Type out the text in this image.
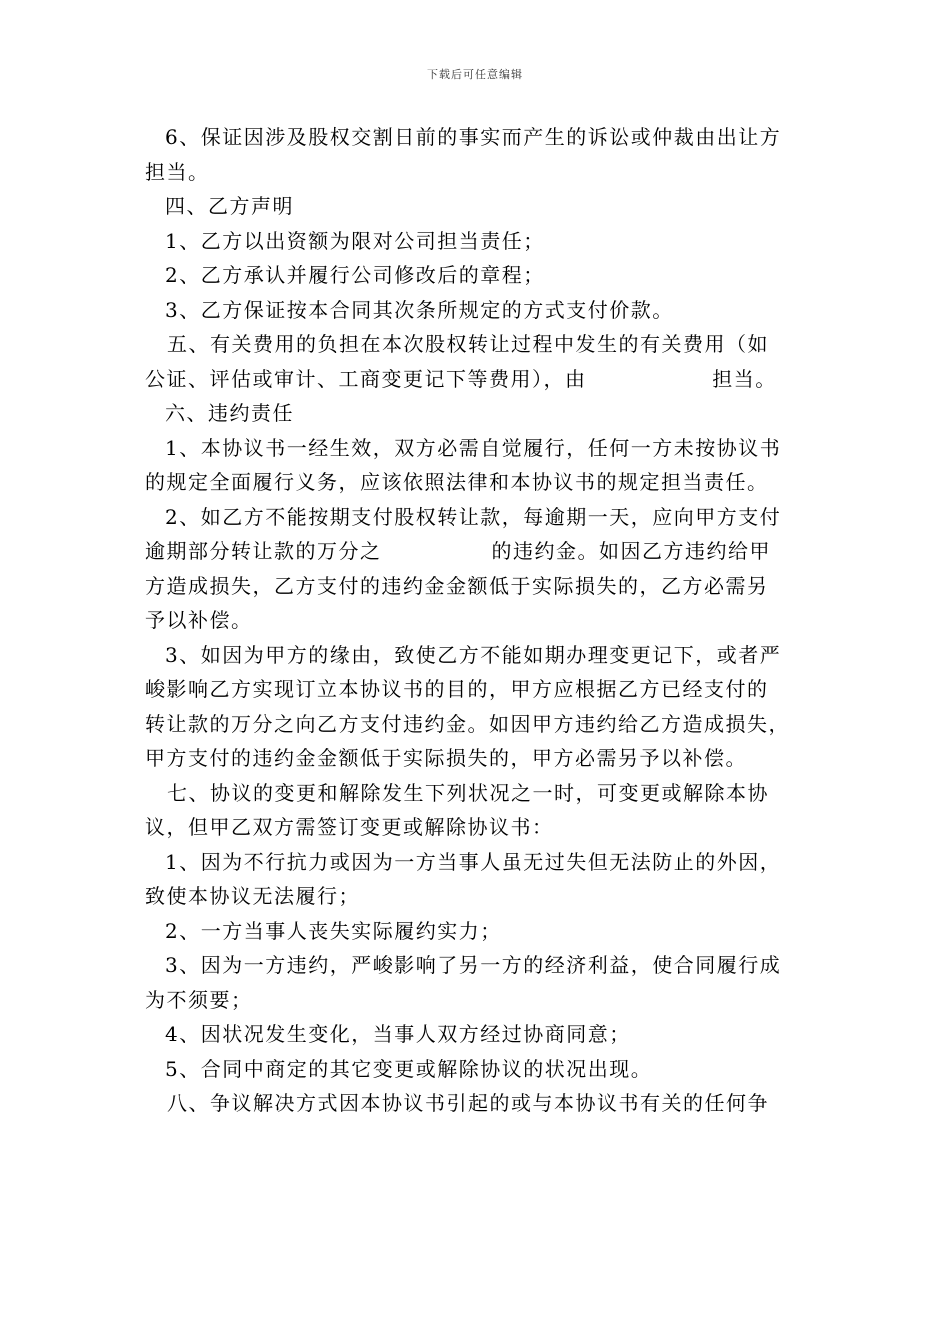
下载后可任意编辑

6、保证因涉及股权交割日前的事实而产生的诉讼或仲裁由出让方

担当。

四、乙方声明

1、乙方以出资额为限对公司担当责任；

2、乙方承认并履行公司修改后的章程；

3、乙方保证按本合同其次条所规定的方式支付价款。

五、有关费用的负担在本次股权转让过程中发生的有关费用（如

公证、评估或审计、工商变更记下等费用），由                担当。

六、违约责任

1、本协议书一经生效，双方必需自觉履行，任何一方未按协议书

的规定全面履行义务，应该依照法律和本协议书的规定担当责任。

2、如乙方不能按期支付股权转让款，每逾期一天，应向甲方支付

逾期部分转让款的万分之              的违约金。如因乙方违约给甲

方造成损失，乙方支付的违约金金额低于实际损失的，乙方必需另

予以补偿。

3、如因为甲方的缘由，致使乙方不能如期办理变更记下，或者严

峻影响乙方实现订立本协议书的目的，甲方应根据乙方已经支付的

转让款的万分之向乙方支付违约金。如因甲方违约给乙方造成损失，

甲方支付的违约金金额低于实际损失的，甲方必需另予以补偿。

七、协议的变更和解除发生下列状况之一时，可变更或解除本协

议，但甲乙双方需签订变更或解除协议书：

1、因为不行抗力或因为一方当事人虽无过失但无法防止的外因，

致使本协议无法履行；

2、一方当事人丧失实际履约实力；

3、因为一方违约，严峻影响了另一方的经济利益，使合同履行成

为不须要；

4、因状况发生变化，当事人双方经过协商同意；

5、合同中商定的其它变更或解除协议的状况出现。

八、争议解决方式因本协议书引起的或与本协议书有关的任何争
